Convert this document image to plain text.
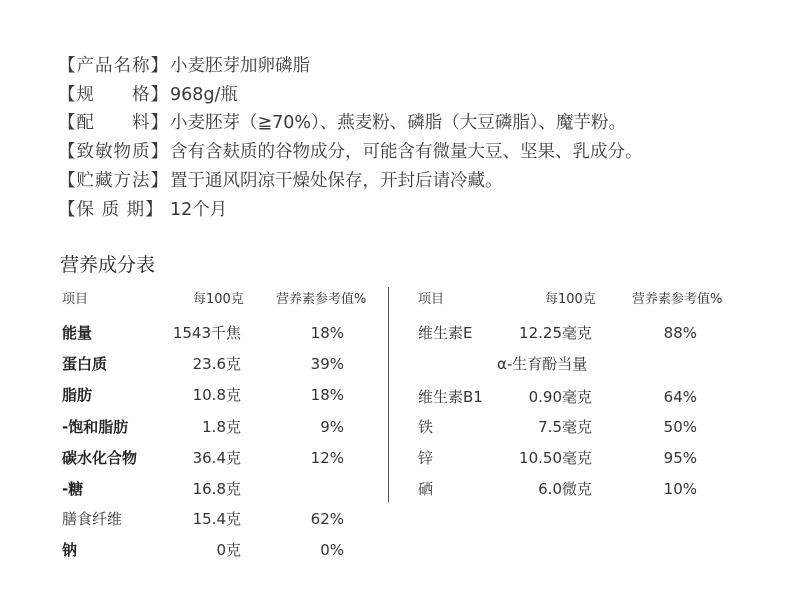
【产品名称】 小麦胚芽加卵磷脂
【规　　格】 968g/瓶
【配　　料】 小麦胚芽（≧70%）、燕麦粉、磷脂（大豆磷脂）、魔芋粉。
【致敏物质】 含有含麸质的谷物成分，可能含有微量大豆、坚果、乳成分。
【贮藏方法】 置于通风阴凉干燥处保存，开封后请冷藏。
【保 质 期】 12个月
营养成分表
项目	每100克 营养素参考值%	项目	每100克	营养素参考值%
能量	1543千焦	18%
蛋白质	23.6克	39%
脂肪	10.8克	18%
-饱和脂肪	1.8克	9%
碳水化合物	36.4克	12%
-糖	16.8克
膳食纤维	15.4克	62%
钠	0克	0%
维生素E	12.25毫克	88%
α-生育酚当量
维生素B1	0.90毫克	64%
铁	7.5毫克	50%
锌	10.50毫克	95%
硒	6.0微克	10%
